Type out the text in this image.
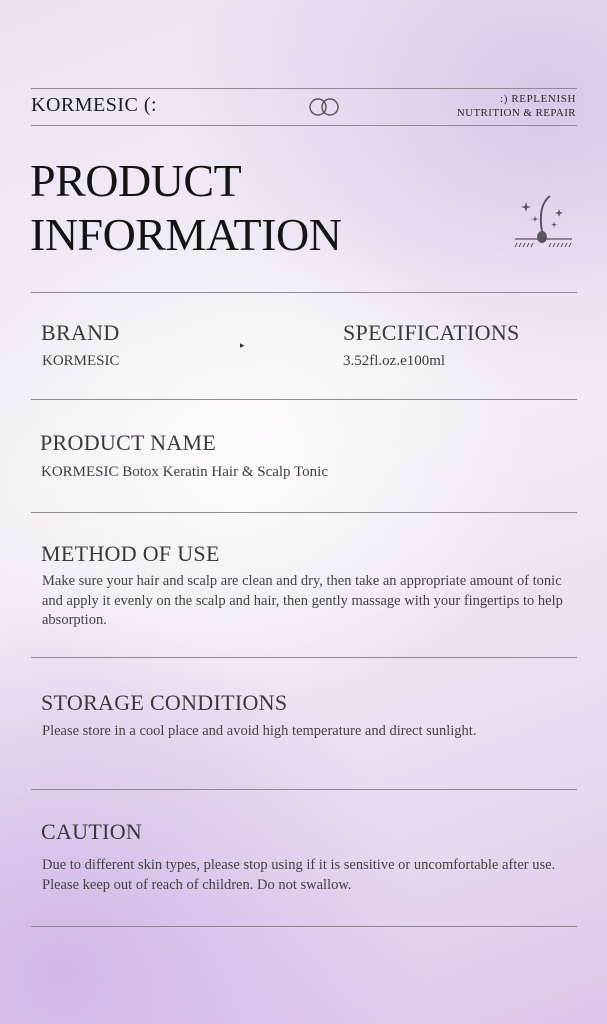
KORMESIC (:	:) REPLENISH
NUTRITION & REPAIR
PRODUCT
INFORMATION
BRAND
KORMESIC
▸	SPECIFICATIONS
3.52fl.oz.e100ml
PRODUCT NAME
KORMESIC Botox Keratin Hair & Scalp Tonic
METHOD OF USE
Make sure your hair and scalp are clean and dry, then take an appropriate amount of tonic and apply it evenly on the scalp and hair, then gently massage with your fingertips to help absorption.
STORAGE CONDITIONS
Please store in a cool place and avoid high temperature and direct sunlight.
CAUTION
Due to different skin types, please stop using if it is sensitive or uncomfortable after use. Please keep out of reach of children. Do not swallow.
